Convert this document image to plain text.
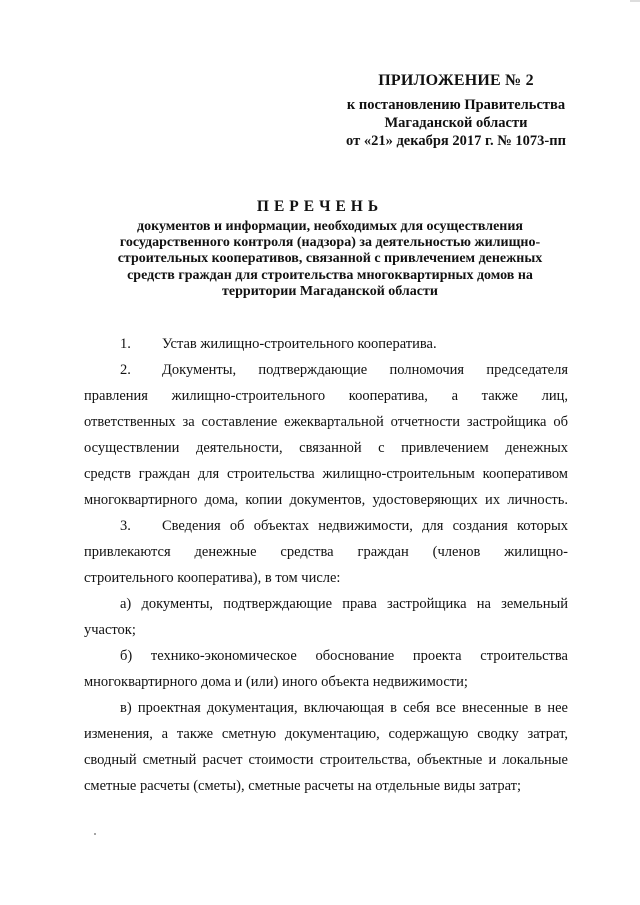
ПРИЛОЖЕНИЕ № 2
к постановлению Правительства
Магаданской области
от «21» декабря 2017 г. № 1073-пп
ПЕРЕЧЕНЬ
документов и информации, необходимых для осуществления
государственного контроля (надзора) за деятельностью жилищно-
строительных кооперативов, связанной с привлечением денежных
средств граждан для строительства многоквартирных домов на
территории Магаданской области
1. Устав жилищно-строительного кооператива.
2.	Документы, подтверждающие полномочия председателя
правления жилищно-строительного кооператива, а также лиц,
ответственных за составление ежеквартальной отчетности застройщика об
осуществлении деятельности, связанной с привлечением денежных
средств граждан для строительства жилищно-строительным кооперативом
многоквартирного дома, копии документов, удостоверяющих их личность.
3.	Сведения об объектах недвижимости, для создания которых
привлекаются денежные средства граждан (членов жилищно-
строительного кооператива), в том числе:
а) документы, подтверждающие права застройщика на земельный
участок;
б) технико-экономическое обоснование проекта строительства
многоквартирного дома и (или) иного объекта недвижимости;
в) проектная документация, включающая в себя все внесенные в нее
изменения, а также сметную документацию, содержащую сводку затрат,
сводный сметный расчет стоимости строительства, объектные и локальные
сметные расчеты (сметы), сметные расчеты на отдельные виды затрат;
